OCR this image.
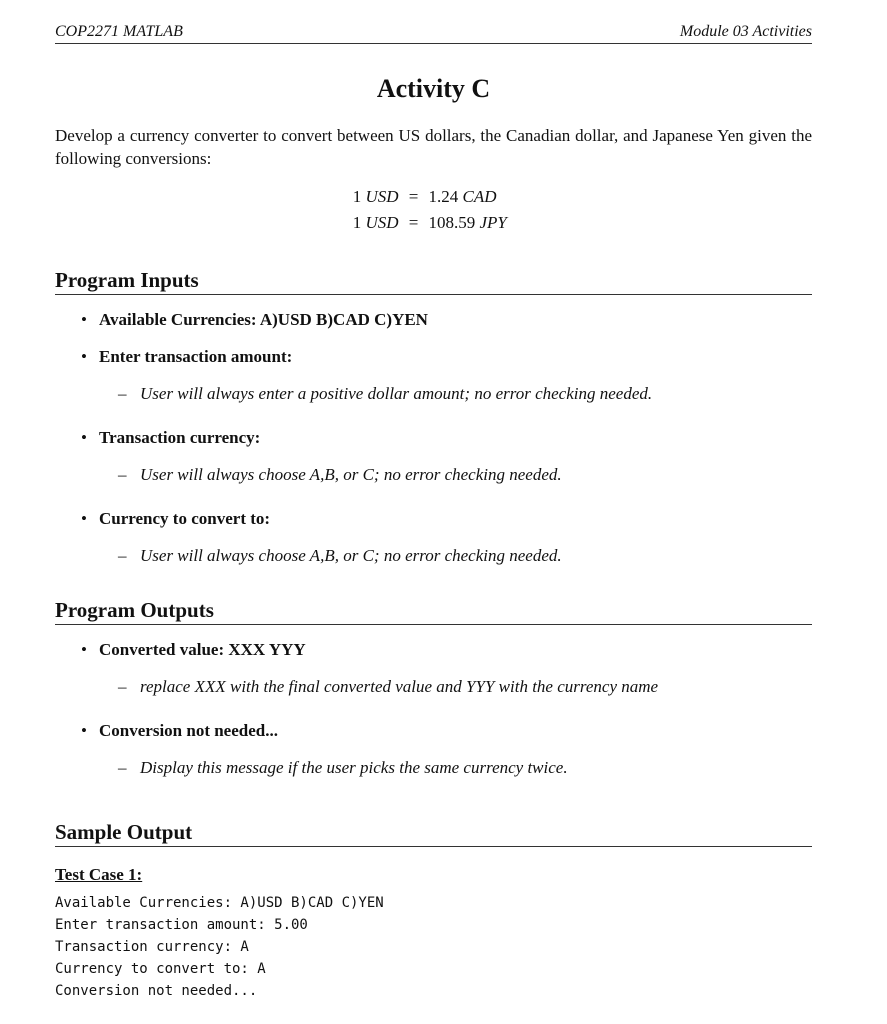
COP2271 MATLAB	Module 03 Activities
Activity C

Develop a currency converter to convert between US dollars, the Canadian dollar, and Japanese Yen given the following conversions:

1 USD = 1.24 CAD
1 USD = 108.59 JPY
Program Inputs
• Available Currencies: A)USD B)CAD C)YEN
• Enter transaction amount:
– User will always enter a positive dollar amount; no error checking needed.
• Transaction currency:
– User will always choose A,B, or C; no error checking needed.
• Currency to convert to:
– User will always choose A,B, or C; no error checking needed.
Program Outputs
• Converted value: XXX YYY
– replace XXX with the final converted value and YYY with the currency name
• Conversion not needed...
– Display this message if the user picks the same currency twice.
Sample Output
Test Case 1:
Available Currencies: A)USD B)CAD C)YEN
Enter transaction amount: 5.00
Transaction currency: A
Currency to convert to: A
Conversion not needed...
